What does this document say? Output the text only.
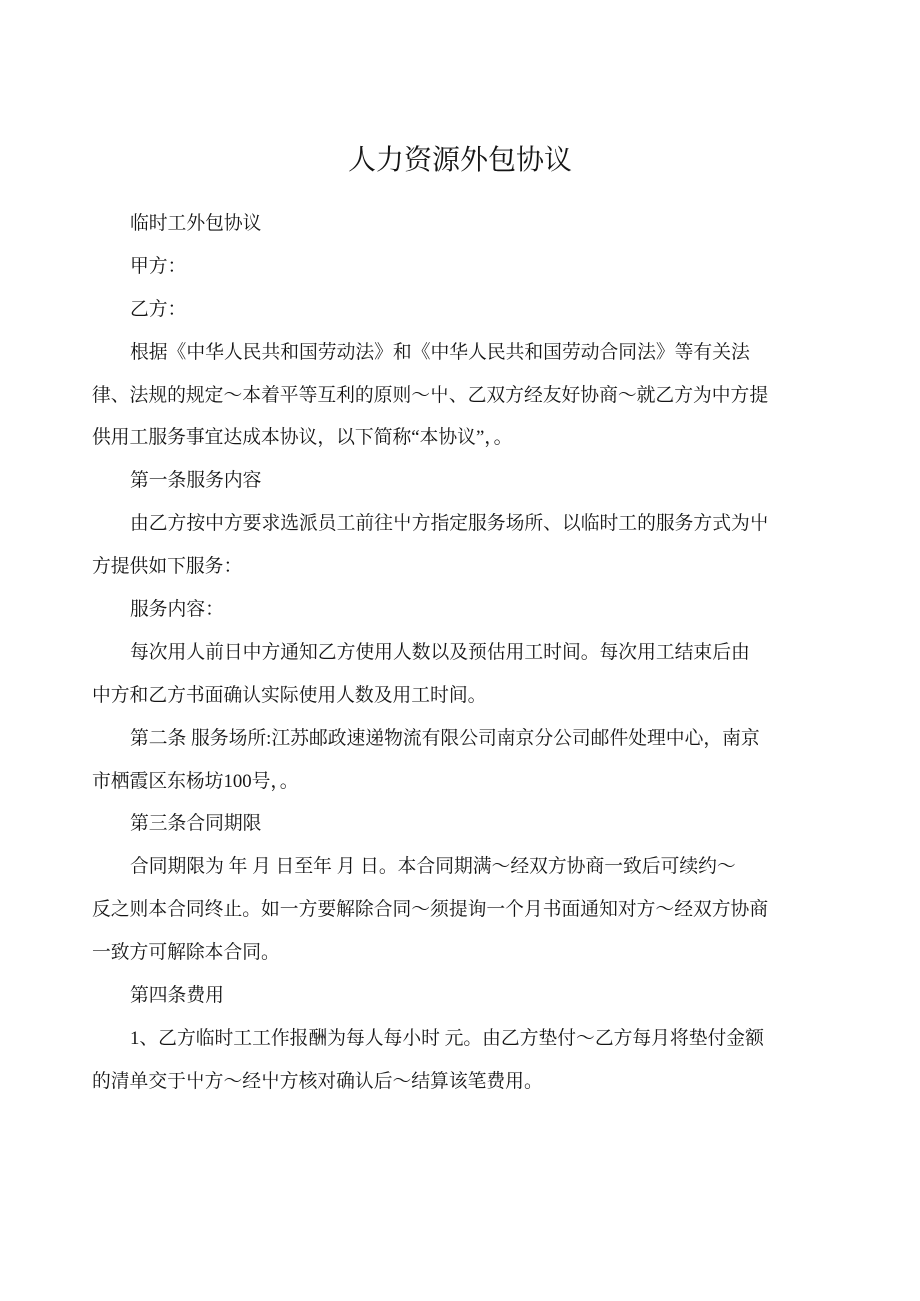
人力资源外包协议
临时工外包协议
甲方：
乙方：
根据《中华人民共和国劳动法》和《中华人民共和国劳动合同法》等有关法
律、法规的规定～本着平等互利的原则～屮、乙双方经友好协商～就乙方为中方提
供用工服务事宜达成本协议，以下简称“本协议”，。
第一条服务内容
由乙方按中方要求选派员工前往屮方指定服务场所、以临时工的服务方式为屮
方提供如下服务：
服务内容：
每次用人前日中方通知乙方使用人数以及预估用工时间。每次用工结束后由
中方和乙方书面确认实际使用人数及用工时间。
第二条 服务场所:江苏邮政速递物流有限公司南京分公司邮件处理中心，南京
市栖霞区东杨坊100号，。
第三条合同期限
合同期限为 年 月 日至年 月 日。本合同期满～经双方协商一致后可续约～
反之则本合同终止。如一方要解除合同～须提询一个月书面通知对方～经双方协商
一致方可解除本合同。
第四条费用
1、乙方临时工工作报酬为每人每小时 元。由乙方垫付～乙方每月将垫付金额
的清单交于屮方～经屮方核对确认后～结算该笔费用。
